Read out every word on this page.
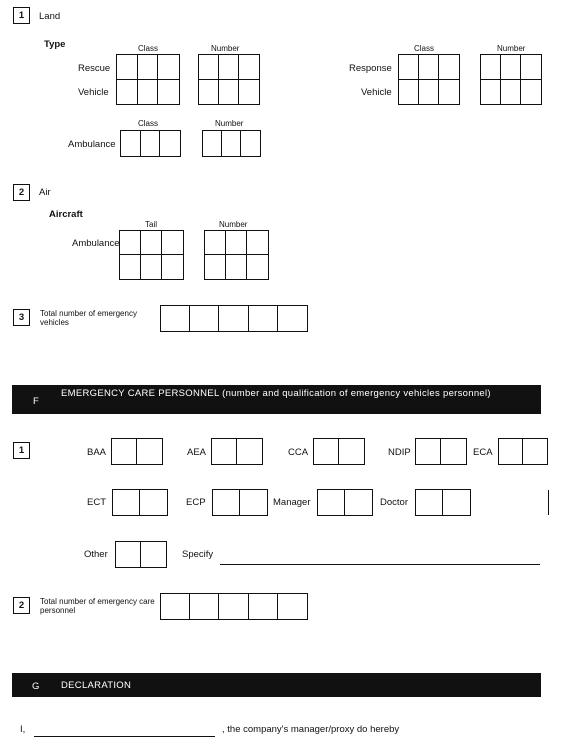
1	Land
Type	Class	Number
Rescue
Vehicle
Class	Number
Response
Vehicle
Class	Number
Ambulance
2	Air
Aircraft
Tail	Number
Ambulance
3	Total number of emergency vehicles
F
EMERGENCY CARE PERSONNEL (number and qualification of emergency vehicles personnel)
1	BAA	AEA	CCA	NDIP	ECA
ECT	ECP	Manager	Doctor
Other	Specify
2	Total number of emergency care personnel
G DECLARATION
I,	, the company's manager/proxy do hereby
